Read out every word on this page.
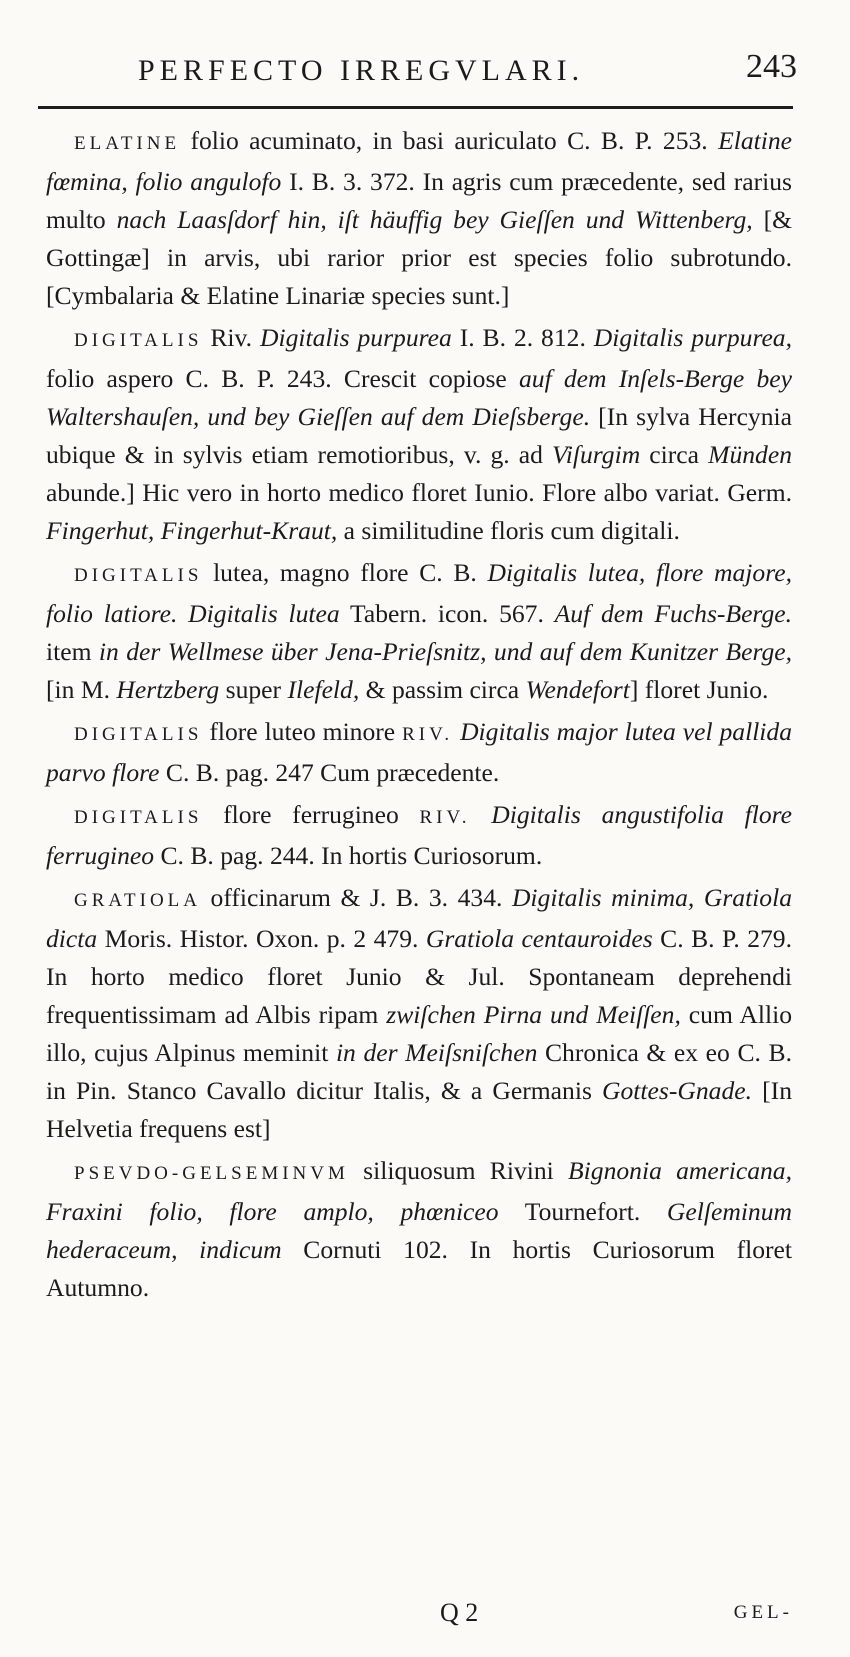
PERFECTO IRREGVLARI.	243

ELATINE folio acuminato, in basi auriculato C. B. P. 253. Elatine fœmina, folio angulofo I. B. 3. 372. In agris cum præcedente, sed rarius multo nach Laasſdorf hin, iſt häuffig bey Gieſſen und Wittenberg, [& Gottingæ] in arvis, ubi rarior prior est species folio subrotundo. [Cymbalaria & Elatine Linariæ species sunt.]

DIGITALIS Riv. Digitalis purpurea I. B. 2. 812. Digitalis purpurea, folio aspero C. B. P. 243. Crescit copiose auf dem Inſels-Berge bey Waltershauſen, und bey Gieſſen auf dem Dieſsberge. [In sylva Hercynia ubique & in sylvis etiam remotioribus, v. g. ad Viſurgim circa Münden abunde.] Hic vero in horto medico floret Iunio. Flore albo variat. Germ. Fingerhut, Fingerhut-Kraut, a similitudine floris cum digitali.

DIGITALIS lutea, magno flore C. B. Digitalis lutea, flore majore, folio latiore. Digitalis lutea Tabern. icon. 567. Auf dem Fuchs-Berge. item in der Wellmese über Jena-Prieſsnitz, und auf dem Kunitzer Berge, [in M. Hertzberg super Ilefeld, & passim circa Wendefort] floret Junio.

DIGITALIS flore luteo minore RIV. Digitalis major lutea vel pallida parvo flore C. B. pag. 247 Cum præcedente.

DIGITALIS flore ferrugineo RIV. Digitalis angustifolia flore ferrugineo C. B. pag. 244. In hortis Curiosorum.

GRATIOLA officinarum & J. B. 3. 434. Digitalis minima, Gratiola dicta Moris. Histor. Oxon. p. 2 479. Gratiola centauroides C. B. P. 279. In horto medico floret Junio & Jul. Spontaneam deprehendi frequentissimam ad Albis ripam zwiſchen Pirna und Meiſſen, cum Allio illo, cujus Alpinus meminit in der Meiſsniſchen Chronica & ex eo C. B. in Pin. Stanco Cavallo dicitur Italis, & a Germanis Gottes-Gnade. [In Helvetia frequens est]

PSEVDO-GELSEMINVM siliquosum Rivini Bignonia americana, Fraxini folio, flore amplo, phœniceo Tournefort. Gelſeminum hederaceum, indicum Cornuti 102. In hortis Curiosorum floret Autumno.

Q 2	GEL-
